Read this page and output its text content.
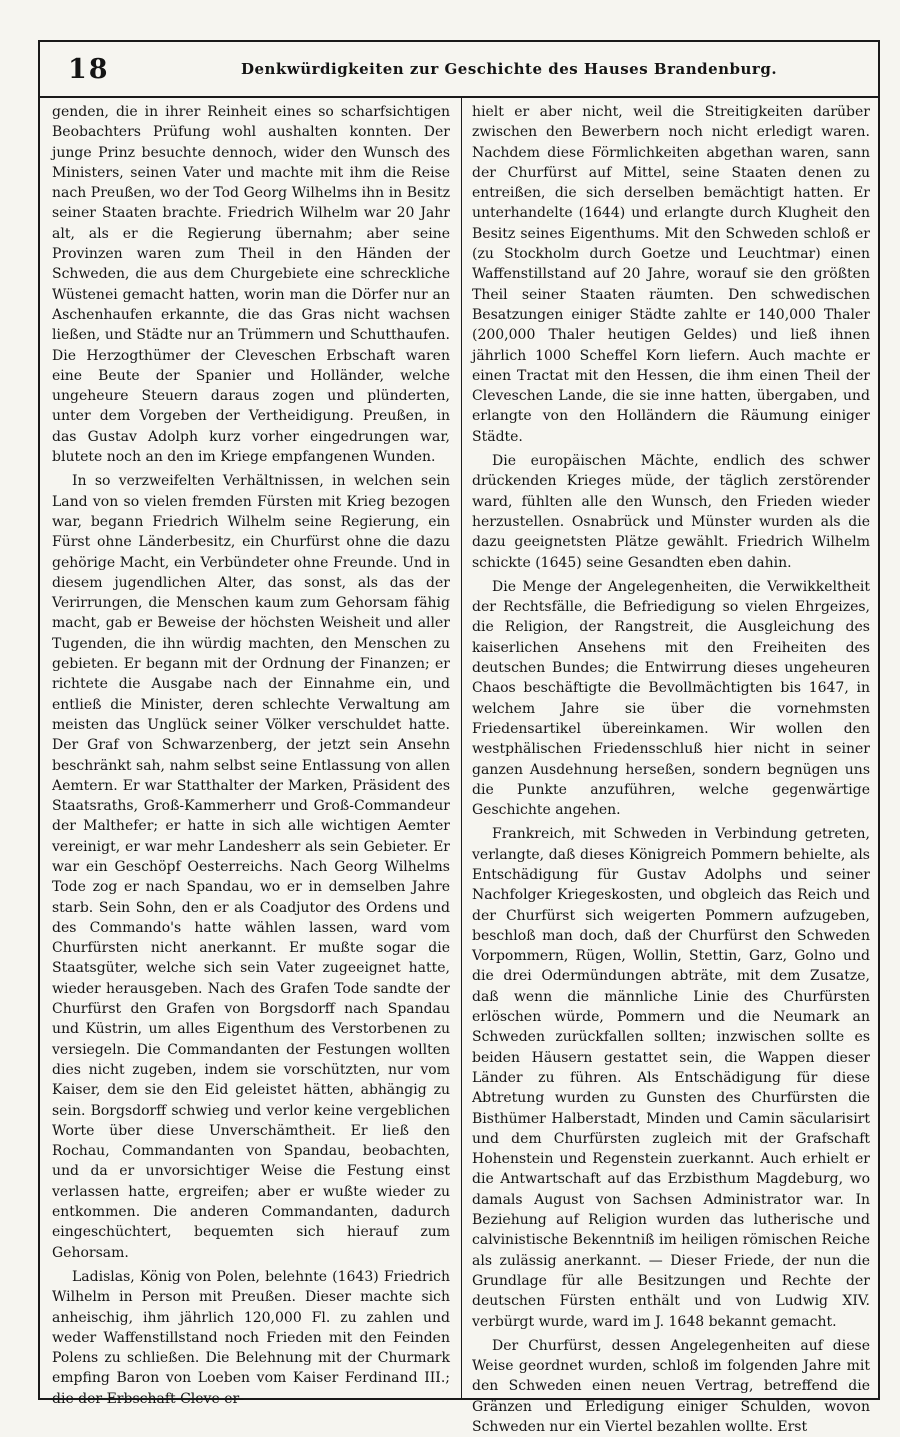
18	Denkwürdigkeiten zur Geschichte des Hauses Brandenburg.

genden, die in ihrer Reinheit eines so scharfsichtigen Beobachters Prüfung wohl aushalten konnten. Der junge Prinz besuchte dennoch, wider den Wunsch des Ministers, seinen Vater und machte mit ihm die Reise nach Preußen, wo der Tod Georg Wilhelms ihn in Besitz seiner Staaten brachte. Friedrich Wilhelm war 20 Jahr alt, als er die Regierung übernahm; aber seine Provinzen waren zum Theil in den Händen der Schweden, die aus dem Churgebiete eine schreckliche Wüstenei gemacht hatten, worin man die Dörfer nur an Aschenhaufen erkannte, die das Gras nicht wachsen ließen, und Städte nur an Trümmern und Schutthaufen. Die Herzogthümer der Cleveschen Erbschaft waren eine Beute der Spanier und Holländer, welche ungeheure Steuern daraus zogen und plünderten, unter dem Vorgeben der Vertheidigung. Preußen, in das Gustav Adolph kurz vorher eingedrungen war, blutete noch an den im Kriege empfangenen Wunden.

In so verzweifelten Verhältnissen, in welchen sein Land von so vielen fremden Fürsten mit Krieg bezogen war, begann Friedrich Wilhelm seine Regierung, ein Fürst ohne Länderbesitz, ein Churfürst ohne die dazu gehörige Macht, ein Verbündeter ohne Freunde. Und in diesem jugendlichen Alter, das sonst, als das der Verirrungen, die Menschen kaum zum Gehorsam fähig macht, gab er Beweise der höchsten Weisheit und aller Tugenden, die ihn würdig machten, den Menschen zu gebieten. Er begann mit der Ordnung der Finanzen; er richtete die Ausgabe nach der Einnahme ein, und entließ die Minister, deren schlechte Verwaltung am meisten das Unglück seiner Völker verschuldet hatte. Der Graf von Schwarzenberg, der jetzt sein Ansehn beschränkt sah, nahm selbst seine Entlassung von allen Aemtern. Er war Statthalter der Marken, Präsident des Staatsraths, Groß-Kammerherr und Groß-Commandeur der Malthefer; er hatte in sich alle wichtigen Aemter vereinigt, er war mehr Landesherr als sein Gebieter. Er war ein Geschöpf Oesterreichs. Nach Georg Wilhelms Tode zog er nach Spandau, wo er in demselben Jahre starb. Sein Sohn, den er als Coadjutor des Ordens und des Commando's hatte wählen lassen, ward vom Churfürsten nicht anerkannt. Er mußte sogar die Staatsgüter, welche sich sein Vater zugeeignet hatte, wieder herausgeben. Nach des Grafen Tode sandte der Churfürst den Grafen von Borgsdorff nach Spandau und Küstrin, um alles Eigenthum des Verstorbenen zu versiegeln. Die Commandanten der Festungen wollten dies nicht zugeben, indem sie vorschützten, nur vom Kaiser, dem sie den Eid geleistet hätten, abhängig zu sein. Borgsdorff schwieg und verlor keine vergeblichen Worte über diese Unverschämtheit. Er ließ den Rochau, Commandanten von Spandau, beobachten, und da er unvorsichtiger Weise die Festung einst verlassen hatte, ergreifen; aber er wußte wieder zu entkommen. Die anderen Commandanten, dadurch eingeschüchtert, bequemten sich hierauf zum Gehorsam.

Ladislas, König von Polen, belehnte (1643) Friedrich Wilhelm in Person mit Preußen. Dieser machte sich anheischig, ihm jährlich 120,000 Fl. zu zahlen und weder Waffenstillstand noch Frieden mit den Feinden Polens zu schließen. Die Belehnung mit der Churmark empfing Baron von Loeben vom Kaiser Ferdinand III.; die der Erbschaft Cleve er-

hielt er aber nicht, weil die Streitigkeiten darüber zwischen den Bewerbern noch nicht erledigt waren. Nachdem diese Förmlichkeiten abgethan waren, sann der Churfürst auf Mittel, seine Staaten denen zu entreißen, die sich derselben bemächtigt hatten. Er unterhandelte (1644) und erlangte durch Klugheit den Besitz seines Eigenthums. Mit den Schweden schloß er (zu Stockholm durch Goetze und Leuchtmar) einen Waffenstillstand auf 20 Jahre, worauf sie den größten Theil seiner Staaten räumten. Den schwedischen Besatzungen einiger Städte zahlte er 140,000 Thaler (200,000 Thaler heutigen Geldes) und ließ ihnen jährlich 1000 Scheffel Korn liefern. Auch machte er einen Tractat mit den Hessen, die ihm einen Theil der Cleveschen Lande, die sie inne hatten, übergaben, und erlangte von den Holländern die Räumung einiger Städte.

Die europäischen Mächte, endlich des schwer drückenden Krieges müde, der täglich zerstörender ward, fühlten alle den Wunsch, den Frieden wieder herzustellen. Osnabrück und Münster wurden als die dazu geeignetsten Plätze gewählt. Friedrich Wilhelm schickte (1645) seine Gesandten eben dahin.

Die Menge der Angelegenheiten, die Verwikkeltheit der Rechtsfälle, die Befriedigung so vielen Ehrgeizes, die Religion, der Rangstreit, die Ausgleichung des kaiserlichen Ansehens mit den Freiheiten des deutschen Bundes; die Entwirrung dieses ungeheuren Chaos beschäftigte die Bevollmächtigten bis 1647, in welchem Jahre sie über die vornehmsten Friedensartikel übereinkamen. Wir wollen den westphälischen Friedensschluß hier nicht in seiner ganzen Ausdehnung herseßen, sondern begnügen uns die Punkte anzuführen, welche gegenwärtige Geschichte angehen.

Frankreich, mit Schweden in Verbindung getreten, verlangte, daß dieses Königreich Pommern behielte, als Entschädigung für Gustav Adolphs und seiner Nachfolger Kriegeskosten, und obgleich das Reich und der Churfürst sich weigerten Pommern aufzugeben, beschloß man doch, daß der Churfürst den Schweden Vorpommern, Rügen, Wollin, Stettin, Garz, Golno und die drei Odermündungen abträte, mit dem Zusatze, daß wenn die männliche Linie des Churfürsten erlöschen würde, Pommern und die Neumark an Schweden zurückfallen sollten; inzwischen sollte es beiden Häusern gestattet sein, die Wappen dieser Länder zu führen. Als Entschädigung für diese Abtretung wurden zu Gunsten des Churfürsten die Bisthümer Halberstadt, Minden und Camin säcularisirt und dem Churfürsten zugleich mit der Grafschaft Hohenstein und Regenstein zuerkannt. Auch erhielt er die Antwartschaft auf das Erzbisthum Magdeburg, wo damals August von Sachsen Administrator war. In Beziehung auf Religion wurden das lutherische und calvinistische Bekenntniß im heiligen römischen Reiche als zulässig anerkannt. — Dieser Friede, der nun die Grundlage für alle Besitzungen und Rechte der deutschen Fürsten enthält und von Ludwig XIV. verbürgt wurde, ward im J. 1648 bekannt gemacht.

Der Churfürst, dessen Angelegenheiten auf diese Weise geordnet wurden, schloß im folgenden Jahre mit den Schweden einen neuen Vertrag, betreffend die Gränzen und Erledigung einiger Schulden, wovon Schweden nur ein Viertel bezahlen wollte. Erst
